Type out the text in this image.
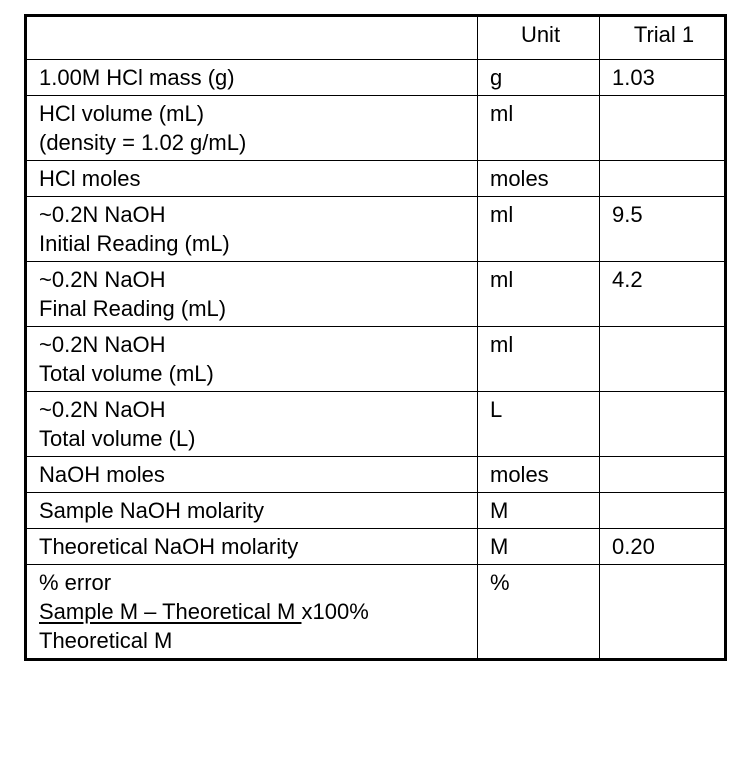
	Unit	Trial 1

1.00M HCl mass (g)	g	1.03

HCl volume (mL)
(density = 1.02 g/mL)	ml	

HCl moles	moles	

~0.2N NaOH
Initial Reading (mL)	ml	9.5

~0.2N NaOH
Final Reading (mL)	ml	4.2

~0.2N NaOH
Total volume (mL)	ml	

~0.2N NaOH
Total volume (L)	L	

NaOH moles	moles	

Sample NaOH molarity	M	

Theoretical NaOH molarity	M	0.20

% error
Sample M – Theoretical M x100%
Theoretical M	%	
